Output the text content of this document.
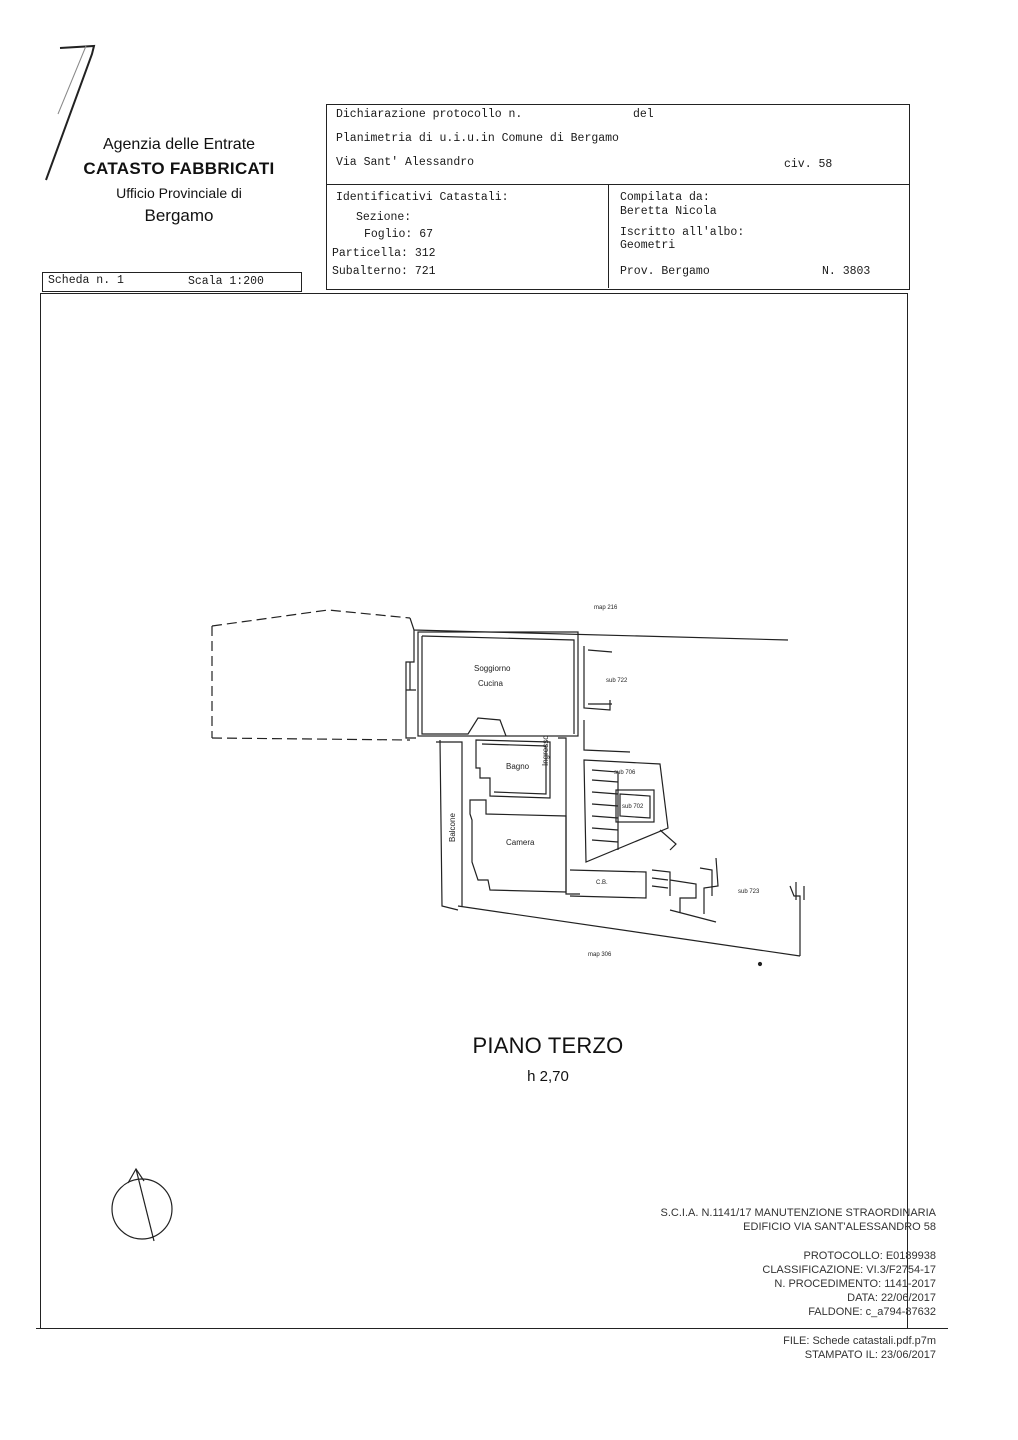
Agenzia delle Entrate
CATASTO FABBRICATI
Ufficio Provinciale di
Bergamo
Scheda n. 1	Scala 1:200
Dichiarazione protocollo n.	del
Planimetria di u.i.u.in Comune di Bergamo
Via Sant' Alessandro	civ. 58
Identificativi Catastali:
Sezione:
Foglio: 67
Particella: 312
Subalterno: 721
Compilata da:
Beretta Nicola
Iscritto all'albo:
Geometri
Prov. Bergamo	N. 3803
map 216
Soggiorno
Cucina	sub 722
Bagno
Ingresso
sub 706
sub 702
Balcone
Camera
C.B.
sub 723
map 306
PIANO TERZO
h 2,70
S.C.I.A. N.1141/17 MANUTENZIONE STRAORDINARIA
EDIFICIO VIA SANT'ALESSANDRO 58
PROTOCOLLO: E0189938
CLASSIFICAZIONE: VI.3/F2754-17
N. PROCEDIMENTO: 1141-2017
DATA: 22/06/2017
FALDONE: c_a794-87632
FILE: Schede catastali.pdf.p7m
STAMPATO IL: 23/06/2017
